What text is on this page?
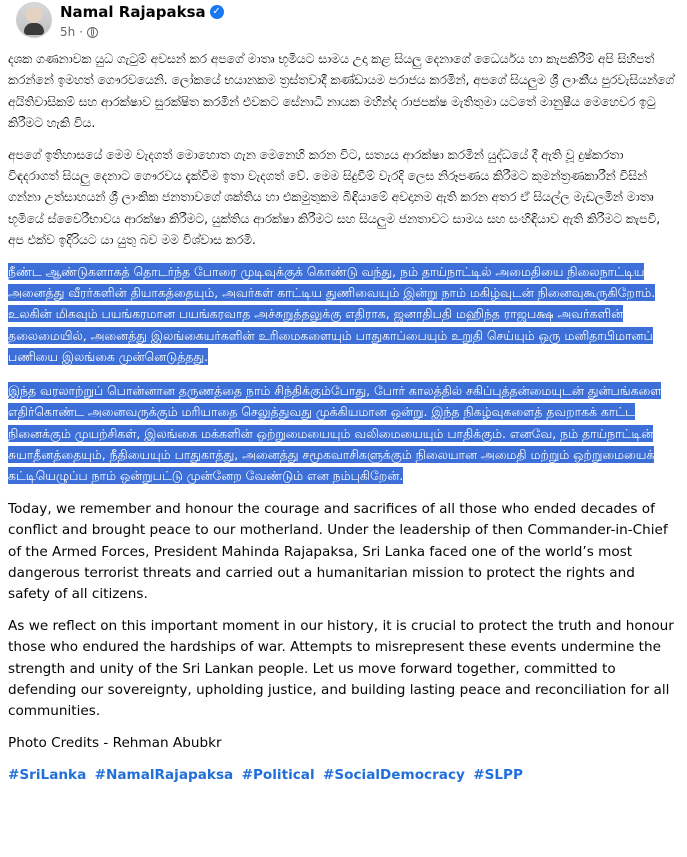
Namal Rajapaksa ✓
5h ·

දශක ගණනාවක යුධ ගැටුම් අවසන් කර අපගේ මාතෘ භූමියට සාමය උදා කළ සියලු දෙනාගේ ධෛර්යය හා කැපකිරීම් අපි සිහිපත් කරන්නේ ඉමහත් ගෞරවයෙනි. ලෝකයේ භයානකම ත්‍රස්තවාදී කණ්ඩායම පරාජය කරමින්, අපගේ සියලුම ශ්‍රී ලාංකීය පුරවැසියන්ගේ අයිතිවාසිකම් සහ ආරක්ෂාව සුරක්ෂිත කරමින් එවකට සේනාධි නායක මහින්ද රාජපක්ෂ මැතිතුමා යටතේ මානුෂීය මෙහෙවර ඉටු කිරීමට හැකි විය.

අපගේ ඉතිහාසයේ මෙම වැදගත් මොහොත ගැන මෙනෙහි කරන විට, සත්‍යය ආරක්ෂා කරමින් යුද්ධයේ දී ඇති වූ දුෂ්කරතා විඳදරාගත් සියලු දෙනාට ගෞරවය දැක්වීම ඉතා වැදගත් වේ. මෙම සිදුවීම් වැරදි ලෙස නිරූපණය කිරීමට කුමන්ත්‍රණකාරීන් විසින් ගන්නා උත්සාහයන් ශ්‍රී ලාංකික ජනතාවගේ ශක්තිය හා එකමුතුකම බිඳියාමේ අවදානම ඇති කරන අතර ඒ සියල්ල මැඩලමින් මාතෘ භූමියේ ස්වෛරීභාවය ආරක්ෂා කිරීමට, යුක්තිය ආරක්ෂා කිරීමට සහ සියලුම ජනතාවට සාමය සහ සංහිඳියාව ඇති කිරීමට කැපවී, අප එක්ව ඉදිරියට යා යුතු බව මම විශ්වාස කරමි.

நீண்ட ஆண்டுகளாகத் தொடர்ந்த போரை முடிவுக்குக் கொண்டு வந்து, நம் தாய்நாட்டில் அமைதியை நிலைநாட்டிய அனைத்து வீரர்களின் தியாகத்தையும், அவர்கள் காட்டிய துணிவையும் இன்று நாம் மகிழ்வுடன் நினைவுகூருகிறோம். உலகின் மிகவும் பயங்கரமான பயங்கரவாத அச்சுறுத்தலுக்கு எதிராக, ஜனாதிபதி மஹிந்த ராஜபக்ஷ அவர்களின் தலைமையில், அனைத்து இலங்கையர்களின் உரிமைகளையும் பாதுகாப்பையும் உறுதி செய்யும் ஒரு மனிதாபிமானப் பணியை இலங்கை முன்னெடுத்தது.

இந்த வரலாற்றுப் பொன்னான தருணத்தை நாம் சிந்திக்கும்போது, போர் காலத்தில் சகிப்புத்தன்மையுடன் துன்பங்களை எதிர்கொண்ட அனைவருக்கும் மரியாதை செலுத்துவது முக்கியமான ஒன்று. இந்த நிகழ்வுகளைத் தவறாகக் காட்ட நினைக்கும் முயற்சிகள், இலங்கை மக்களின் ஒற்றுமையையும் வலிமையையும் பாதிக்கும். எனவே, நம் தாய்நாட்டின் சுயாதீனத்தையும், நீதியையும் பாதுகாத்து, அனைத்து சமூகவாசிகளுக்கும் நிலையான அமைதி மற்றும் ஒற்றுமையைக் கட்டியெழுப்ப நாம் ஒன்றுபட்டு முன்னேற வேண்டும் என நம்புகிறேன்.

Today, we remember and honour the courage and sacrifices of all those who ended decades of conflict and brought peace to our motherland. Under the leadership of then Commander-in-Chief of the Armed Forces, President Mahinda Rajapaksa, Sri Lanka faced one of the world’s most dangerous terrorist threats and carried out a humanitarian mission to protect the rights and safety of all citizens.

As we reflect on this important moment in our history, it is crucial to protect the truth and honour those who endured the hardships of war. Attempts to misrepresent these events undermine the strength and unity of the Sri Lankan people. Let us move forward together, committed to defending our sovereignty, upholding justice, and building lasting peace and reconciliation for all communities.

Photo Credits - Rehman Abubkr
#SriLanka #NamalRajapaksa #Political #SocialDemocracy #SLPP
